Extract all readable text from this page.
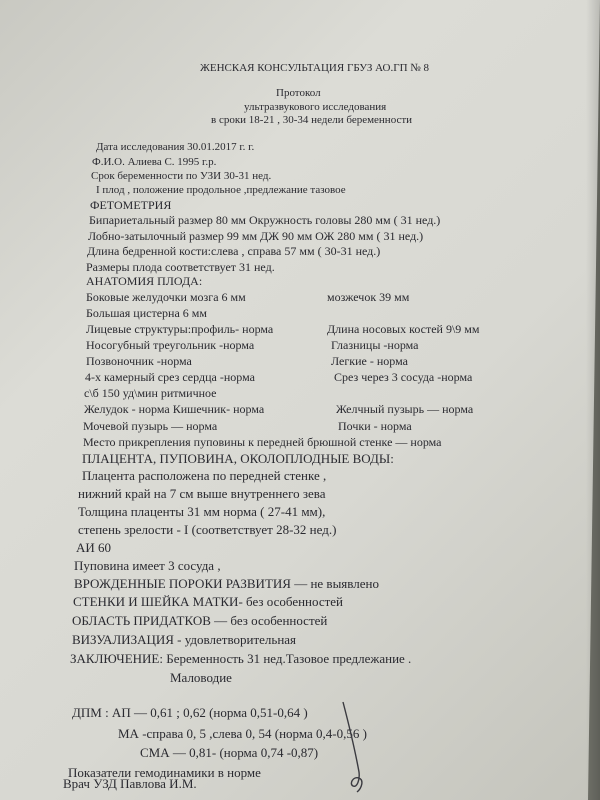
ЖЕНСКАЯ КОНСУЛЬТАЦИЯ ГБУЗ АО.ГП № 8
Протокол
ультразвукового исследования
в сроки 18-21 , 30-34 недели беременности
Дата исследования 30.01.2017 г. г.
Ф.И.О. Алиева С. 1995 г.р.
Срок беременности по УЗИ 30-31 нед.
I плод , положение продольное ,предлежание тазовое
ФЕТОМЕТРИЯ
Бипариетальный размер 80 мм Окружность головы 280 мм ( 31 нед.)
Лобно-затылочный размер 99 мм ДЖ 90 мм ОЖ 280 мм ( 31 нед.)
Длина бедренной кости:слева , справа 57 мм ( 30-31 нед.)
Размеры плода соответствует 31 нед.
АНАТОМИЯ ПЛОДА:
Боковые желудочки мозга 6 мм	мозжечок 39 мм
Большая цистерна 6 мм
Лицевые структуры:профиль- норма	Длина носовых костей 9\9 мм
Носогубный треугольник -норма	Глазницы -норма
Позвоночник -норма	Легкие - норма
4-х камерный срез сердца -норма	Срез через 3 сосуда -норма
с\б 150 уд\мин ритмичное
Желудок - норма Кишечник- норма	Желчный пузырь — норма
Мочевой пузырь — норма	Почки - норма
Место прикрепления пуповины к передней брюшной стенке — норма
ПЛАЦЕНТА, ПУПОВИНА, ОКОЛОПЛОДНЫЕ ВОДЫ:
Плацента расположена по передней стенке ,
нижний край на 7 см выше внутреннего зева
Толщина плаценты 31 мм норма ( 27-41 мм),
степень зрелости - I (соответствует 28-32 нед.)
АИ 60
Пуповина имеет 3 сосуда ,
ВРОЖДЕННЫЕ ПОРОКИ РАЗВИТИЯ — не выявлено
СТЕНКИ И ШЕЙКА МАТКИ- без особенностей
ОБЛАСТЬ ПРИДАТКОВ — без особенностей
ВИЗУАЛИЗАЦИЯ - удовлетворительная
ЗАКЛЮЧЕНИЕ: Беременность 31 нед.Тазовое предлежание .
Маловодие
ДПМ : АП — 0,61 ; 0,62 (норма 0,51-0,64 )
МА -справа 0, 5 ,слева 0, 54 (норма 0,4-0,56 )
СМА — 0,81- (норма 0,74 -0,87)
Показатели гемодинамики в норме
Врач УЗД Павлова И.М.
